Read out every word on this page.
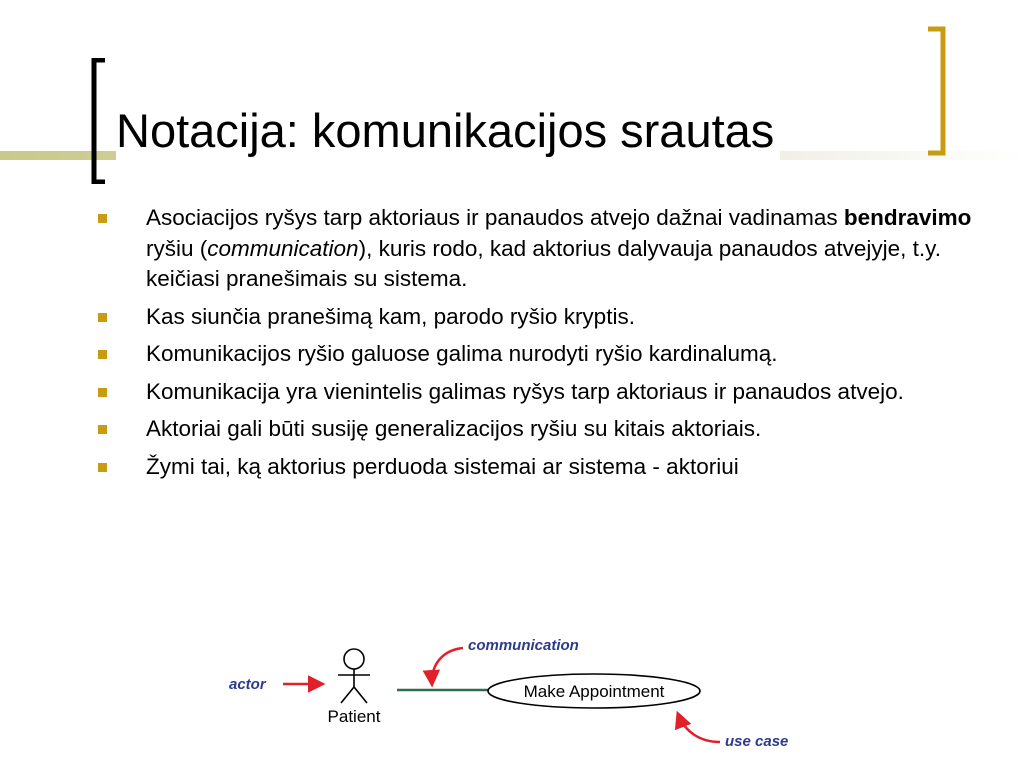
Notacija: komunikacijos srautas
Asociacijos ryšys tarp aktoriaus ir panaudos atvejo dažnai vadinamas bendravimo ryšiu (communication), kuris rodo, kad aktorius dalyvauja panaudos atvejyje, t.y. keičiasi pranešimais su sistema.
Kas siunčia pranešimą kam, parodo ryšio kryptis.
Komunikacijos ryšio galuose galima nurodyti ryšio kardinalumą.
Komunikacija yra vienintelis galimas ryšys tarp aktoriaus ir panaudos atvejo.
Aktoriai gali būti susiję generalizacijos ryšiu su kitais aktoriais.
Žymi tai, ką aktorius perduoda sistemai ar sistema - aktoriui
actor
Patient
communication
Make Appointment
use case
